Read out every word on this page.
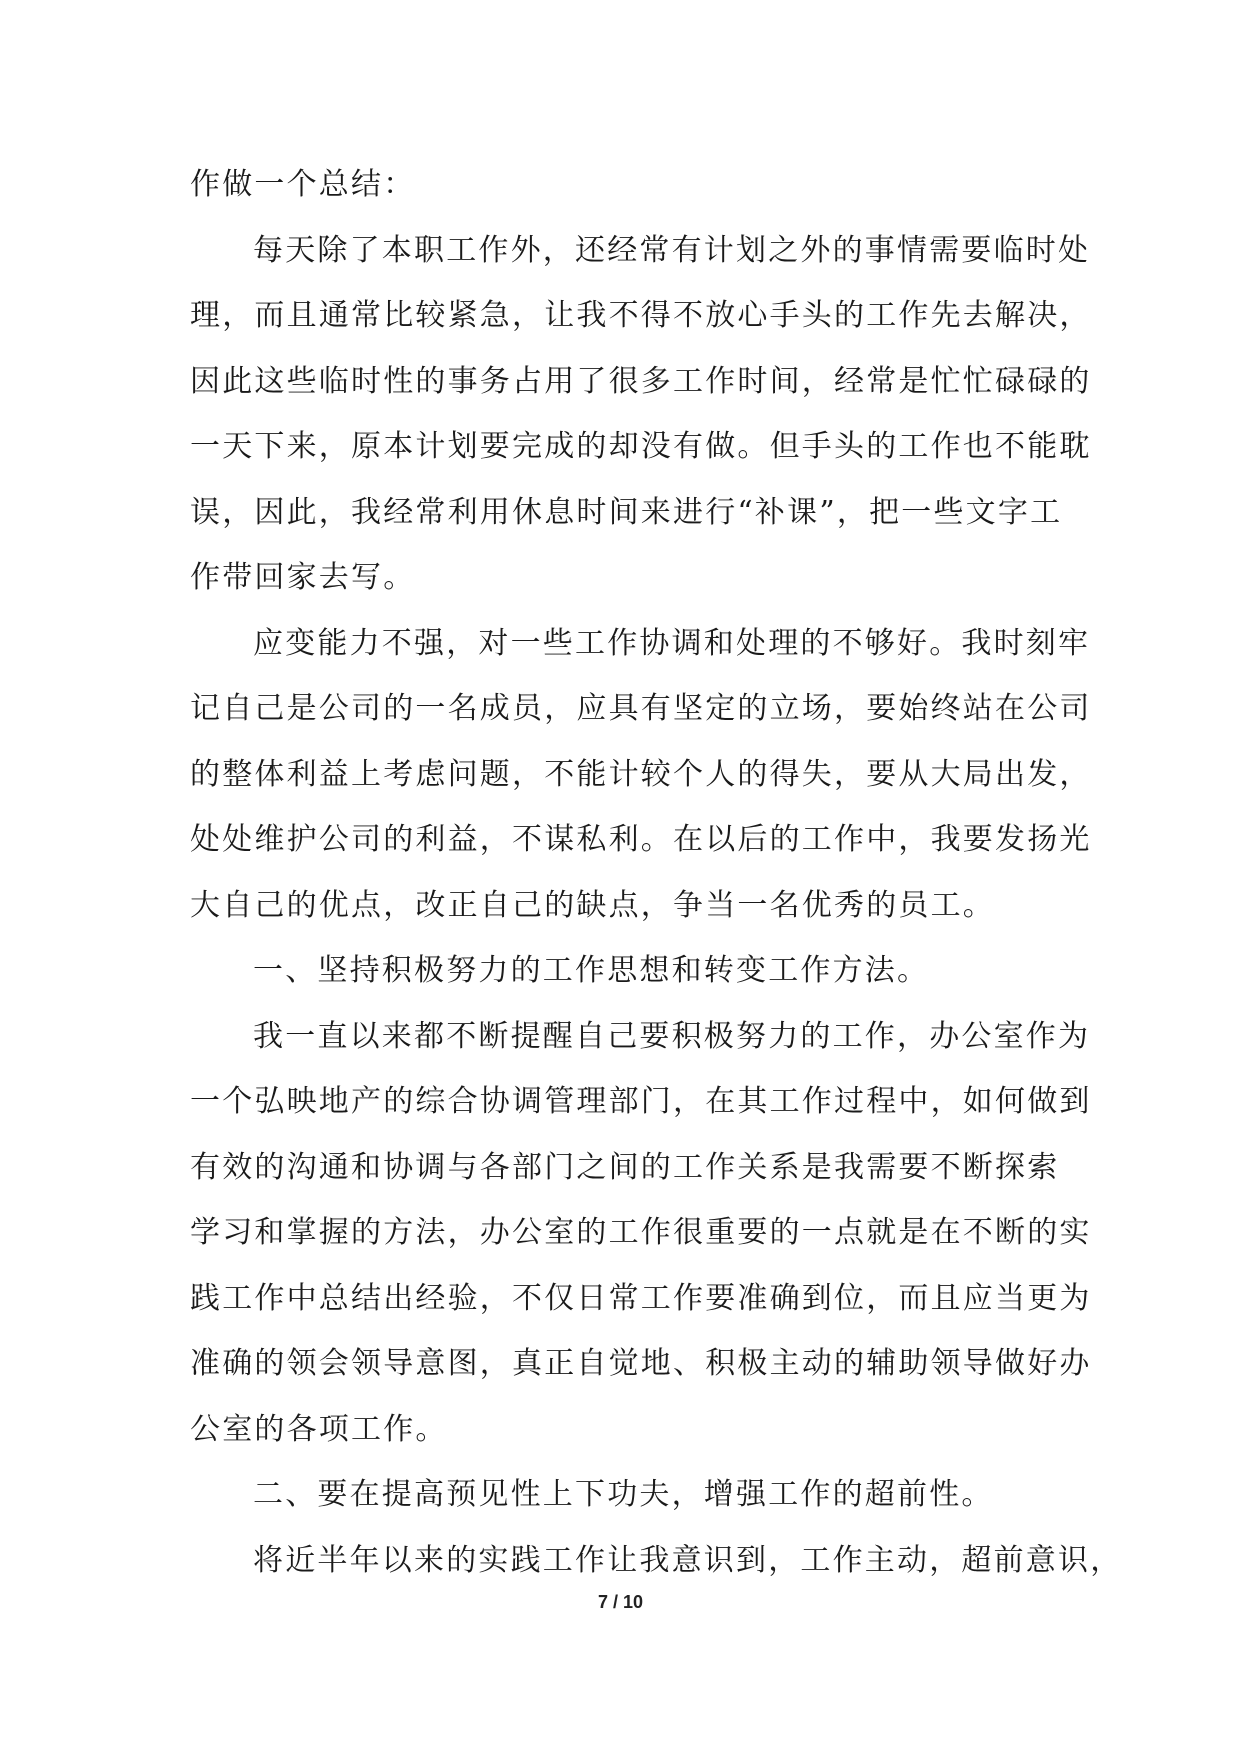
作做一个总结：
每天除了本职工作外，还经常有计划之外的事情需要临时处
理，而且通常比较紧急，让我不得不放心手头的工作先去解决，
因此这些临时性的事务占用了很多工作时间，经常是忙忙碌碌的
一天下来，原本计划要完成的却没有做。但手头的工作也不能耽
误，因此，我经常利用休息时间来进行“补课”，把一些文字工
作带回家去写。
应变能力不强，对一些工作协调和处理的不够好。我时刻牢
记自己是公司的一名成员，应具有坚定的立场，要始终站在公司
的整体利益上考虑问题，不能计较个人的得失，要从大局出发，
处处维护公司的利益，不谋私利。在以后的工作中，我要发扬光
大自己的优点，改正自己的缺点，争当一名优秀的员工。
一、坚持积极努力的工作思想和转变工作方法。
我一直以来都不断提醒自己要积极努力的工作，办公室作为
一个弘映地产的综合协调管理部门，在其工作过程中，如何做到
有效的沟通和协调与各部门之间的工作关系是我需要不断探索
学习和掌握的方法，办公室的工作很重要的一点就是在不断的实
践工作中总结出经验，不仅日常工作要准确到位，而且应当更为
准确的领会领导意图，真正自觉地、积极主动的辅助领导做好办
公室的各项工作。
二、要在提高预见性上下功夫，增强工作的超前性。
将近半年以来的实践工作让我意识到，工作主动，超前意识，
7 / 10
